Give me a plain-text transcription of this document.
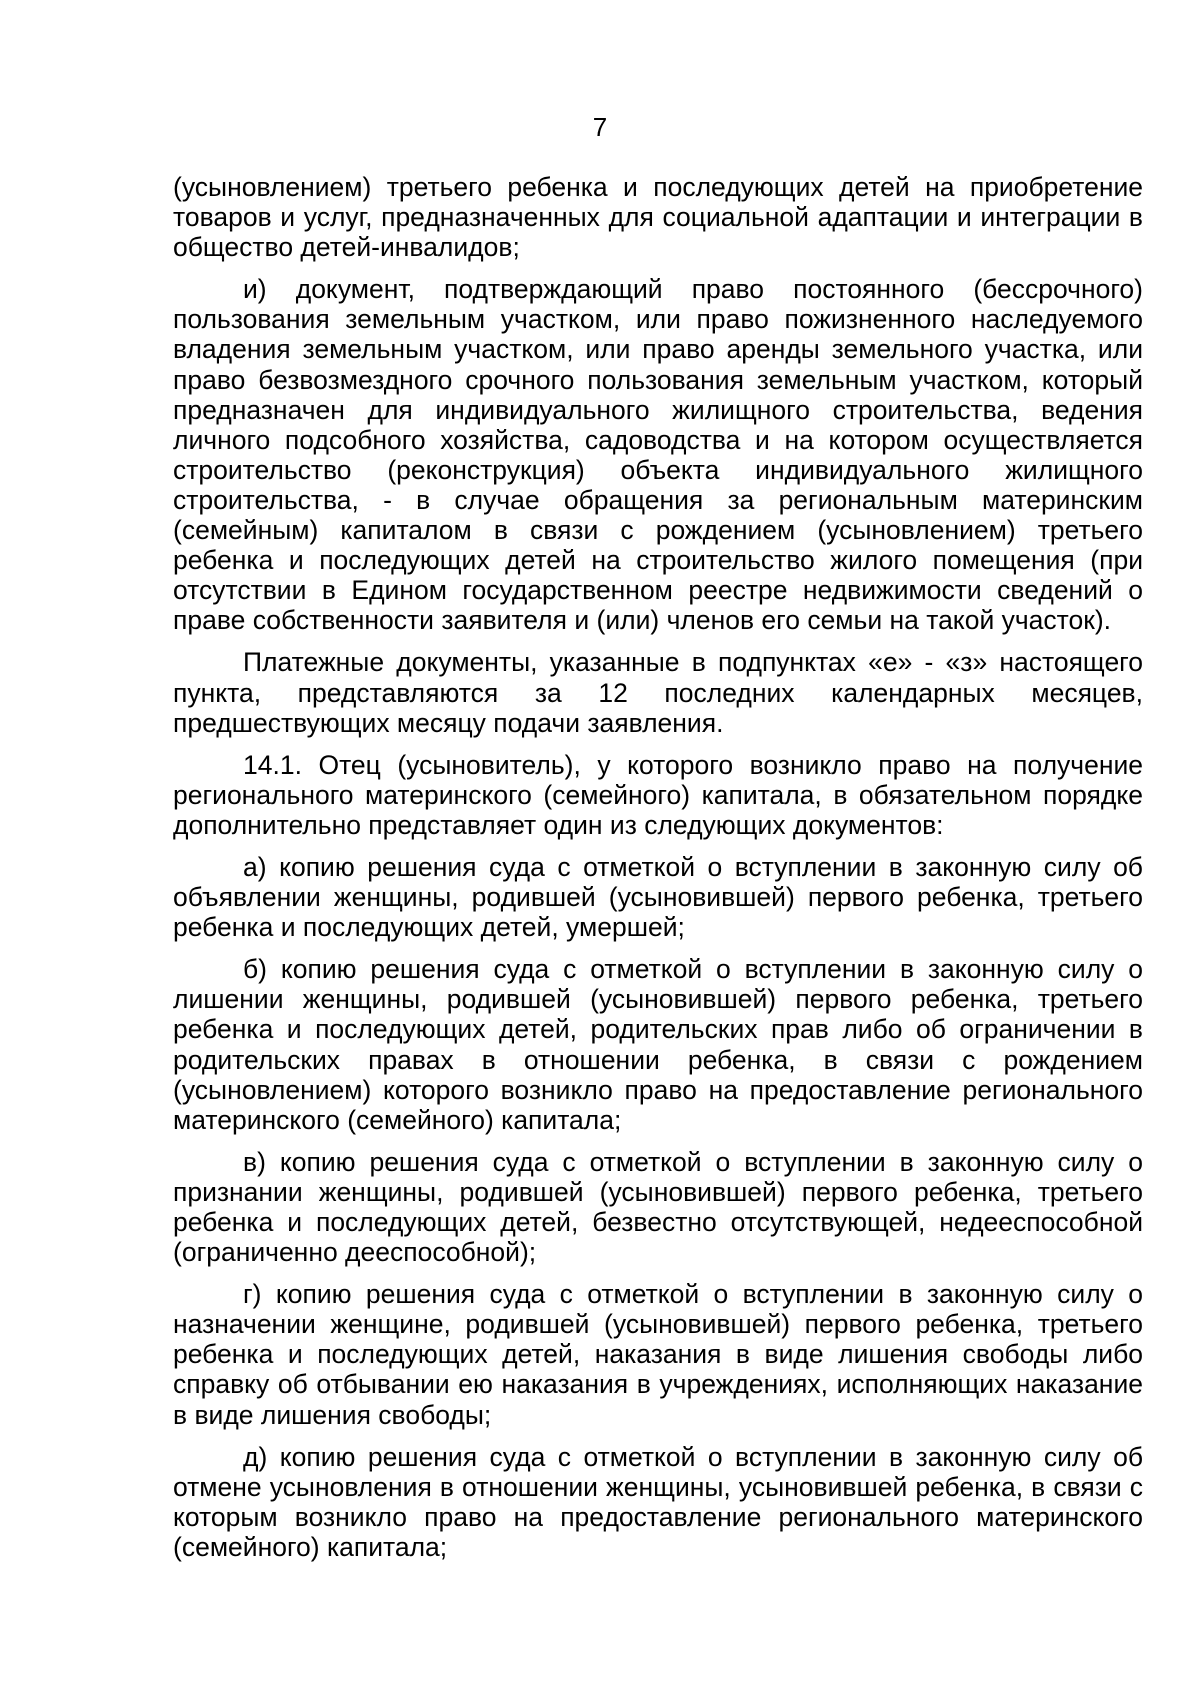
7

(усыновлением) третьего ребенка и последующих детей на приобретение товаров и услуг, предназначенных для социальной адаптации и интеграции в общество детей-инвалидов;

и) документ, подтверждающий право постоянного (бессрочного) пользования земельным участком, или право пожизненного наследуемого владения земельным участком, или право аренды земельного участка, или право безвозмездного срочного пользования земельным участком, который предназначен для индивидуального жилищного строительства, ведения личного подсобного хозяйства, садоводства и на котором осуществляется строительство (реконструкция) объекта индивидуального жилищного строительства, - в случае обращения за региональным материнским (семейным) капиталом в связи с рождением (усыновлением) третьего ребенка и последующих детей на строительство жилого помещения (при отсутствии в Едином государственном реестре недвижимости сведений о праве собственности заявителя и (или) членов его семьи на такой участок).

Платежные документы, указанные в подпунктах «е» - «з» настоящего пункта, представляются за 12 последних календарных месяцев, предшествующих месяцу подачи заявления.

14.1. Отец (усыновитель), у которого возникло право на получение регионального материнского (семейного) капитала, в обязательном порядке дополнительно представляет один из следующих документов:

а) копию решения суда с отметкой о вступлении в законную силу об объявлении женщины, родившей (усыновившей) первого ребенка, третьего ребенка и последующих детей, умершей;

б) копию решения суда с отметкой о вступлении в законную силу о лишении женщины, родившей (усыновившей) первого ребенка, третьего ребенка и последующих детей, родительских прав либо об ограничении в родительских правах в отношении ребенка, в связи с рождением (усыновлением) которого возникло право на предоставление регионального материнского (семейного) капитала;

в) копию решения суда с отметкой о вступлении в законную силу о признании женщины, родившей (усыновившей) первого ребенка, третьего ребенка и последующих детей, безвестно отсутствующей, недееспособной (ограниченно дееспособной);

г) копию решения суда с отметкой о вступлении в законную силу о назначении женщине, родившей (усыновившей) первого ребенка, третьего ребенка и последующих детей, наказания в виде лишения свободы либо справку об отбывании ею наказания в учреждениях, исполняющих наказание в виде лишения свободы;

д) копию решения суда с отметкой о вступлении в законную силу об отмене усыновления в отношении женщины, усыновившей ребенка, в связи с которым возникло право на предоставление регионального материнского (семейного) капитала;
